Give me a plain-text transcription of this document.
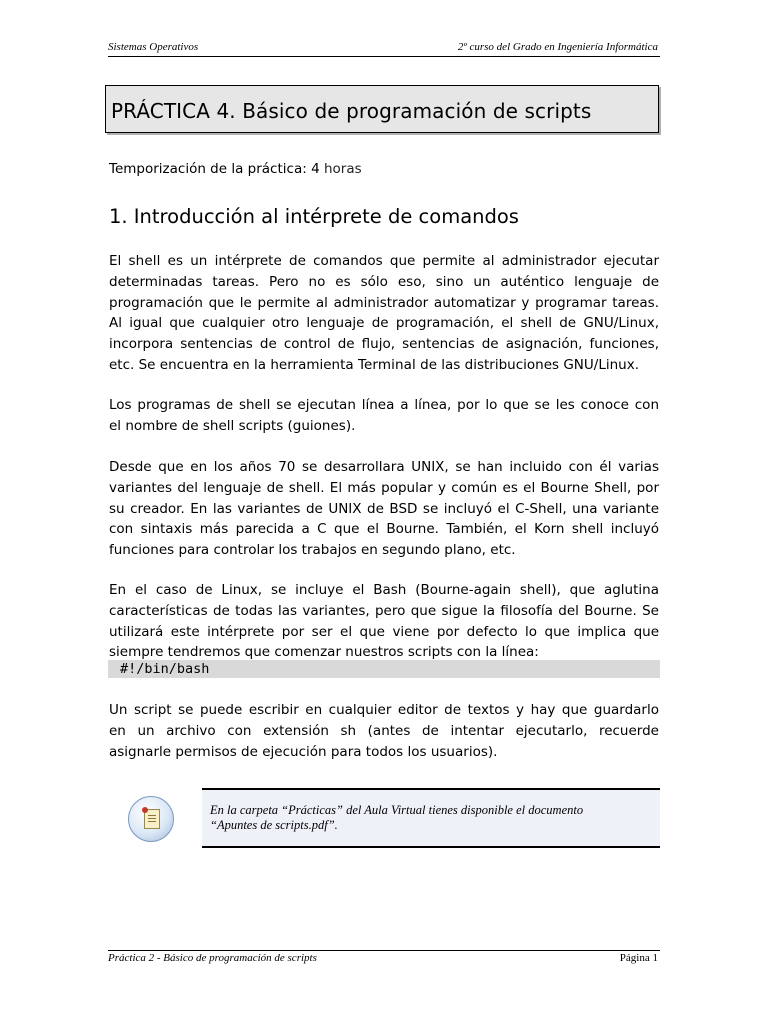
Sistemas Operativos	2º curso del Grado en Ingeniería Informática
PRÁCTICA 4. Básico de programación de scripts
Temporización de la práctica: 4 horas
1. Introducción al intérprete de comandos
El shell es un intérprete de comandos que permite al administrador ejecutar
determinadas tareas. Pero no es sólo eso, sino un auténtico lenguaje de
programación que le permite al administrador automatizar y programar tareas.
Al igual que cualquier otro lenguaje de programación, el shell de GNU/Linux,
incorpora sentencias de control de flujo, sentencias de asignación, funciones,
etc. Se encuentra en la herramienta Terminal de las distribuciones GNU/Linux.
Los programas de shell se ejecutan línea a línea, por lo que se les conoce con
el nombre de shell scripts (guiones).
Desde que en los años 70 se desarrollara UNIX, se han incluido con él varias
variantes del lenguaje de shell. El más popular y común es el Bourne Shell, por
su creador. En las variantes de UNIX de BSD se incluyó el C-Shell, una variante
con sintaxis más parecida a C que el Bourne. También, el Korn shell incluyó
funciones para controlar los trabajos en segundo plano, etc.
En el caso de Linux, se incluye el Bash (Bourne-again shell), que aglutina
características de todas las variantes, pero que sigue la filosofía del Bourne. Se
utilizará este intérprete por ser el que viene por defecto lo que implica que
siempre tendremos que comenzar nuestros scripts con la línea:
#!/bin/bash
Un script se puede escribir en cualquier editor de textos y hay que guardarlo
en un archivo con extensión sh (antes de intentar ejecutarlo, recuerde
asignarle permisos de ejecución para todos los usuarios).
En la carpeta “Prácticas” del Aula Virtual tienes disponible el documento
“Apuntes de scripts.pdf”.
Práctica 2 - Básico de programación de scripts	Página 1
